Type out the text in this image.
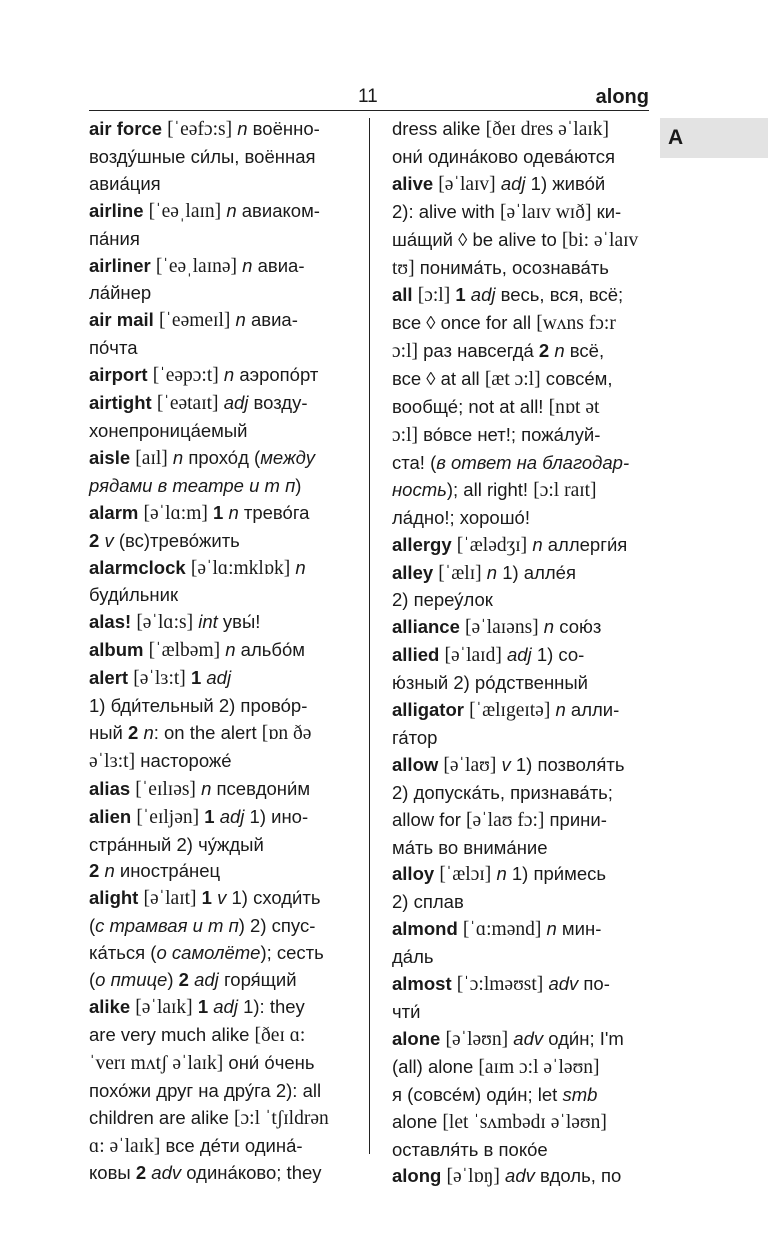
11	along
A
air force [ˈeəfɔ:s] n воённо-
возду́шные си́лы, воённая
авиа́ция
airline [ˈeəˌlaɪn] n авиаком-
па́ния
airliner [ˈeəˌlaɪnə] n авиа-
ла́йнер
air mail [ˈeəmeɪl] n авиа-
по́чта
airport [ˈeəpɔ:t] n аэропо́рт
airtight [ˈeətaɪt] adj возду-
хонепроница́емый
aisle [aɪl] n прохо́д (между
рядами в театре и т п)
alarm [əˈlɑ:m] 1 n трево́га
2 v (вс)трево́жить
alarmclock [əˈlɑ:mklɒk] n
буди́льник
alas! [əˈlɑ:s] int увы́!
album [ˈælbəm] n альбо́м
alert [əˈlɜ:t] 1 adj
1) бди́тельный 2) прово́р-
ный 2 n: on the alert [ɒn ðə
əˈlɜ:t] настороже́
alias [ˈeɪlɪəs] n псевдони́м
alien [ˈeɪljən] 1 adj 1) ино-
стра́нный 2) чу́ждый
2 n иностра́нец
alight [əˈlaɪt] 1 v 1) сходи́ть
(с трамвая и т п) 2) спус-
ка́ться (о самолёте); сесть
(о птице) 2 adj горя́щий
alike [əˈlaɪk] 1 adj 1): they
are very much alike [ðeɪ ɑ:
ˈverɪ mʌtʃ əˈlaɪk] они́ о́чень
похо́жи друг на дру́га 2): all
children are alike [ɔ:l ˈtʃɪldrən
ɑ: əˈlaɪk] все де́ти одина́-
ковы 2 adv одина́ково; they
dress alike [ðeɪ dres əˈlaɪk]
они́ одина́ково одева́ются
alive [əˈlaɪv] adj 1) живо́й
2): alive with [əˈlaɪv wɪð] ки-
ша́щий ◊ be alive to [bi: əˈlaɪv
tʊ] понима́ть, осознава́ть
all [ɔ:l] 1 adj весь, вся, всё;
все ◊ once for all [wʌns fɔ:r
ɔ:l] раз навсегда́ 2 n всё,
все ◊ at all [æt ɔ:l] совсе́м,
вообще́; not at all! [nɒt ət
ɔ:l] во́все нет!; пожа́луй-
ста! (в ответ на благодар-
ность); all right! [ɔ:l raɪt]
ла́дно!; хорошо́!
allergy [ˈælədʒɪ] n аллерги́я
alley [ˈælɪ] n 1) алле́я
2) переу́лок
alliance [əˈlaɪəns] n сою́з
allied [əˈlaɪd] adj 1) со-
ю́зный 2) ро́дственный
alligator [ˈælɪgeɪtə] n алли-
га́тор
allow [əˈlaʊ] v 1) позволя́ть
2) допуска́ть, признава́ть;
allow for [əˈlaʊ fɔ:] прини-
ма́ть во внима́ние
alloy [ˈælɔɪ] n 1) при́месь
2) сплав
almond [ˈɑ:mənd] n мин-
да́ль
almost [ˈɔ:lməʊst] adv по-
чти́
alone [əˈləʊn] adv оди́н; I'm
(all) alone [aɪm ɔ:l əˈləʊn]
я (совсе́м) оди́н; let smb
alone [let ˈsʌmbədɪ əˈləʊn]
оставля́ть в поко́е
along [əˈlɒŋ] adv вдоль, по
